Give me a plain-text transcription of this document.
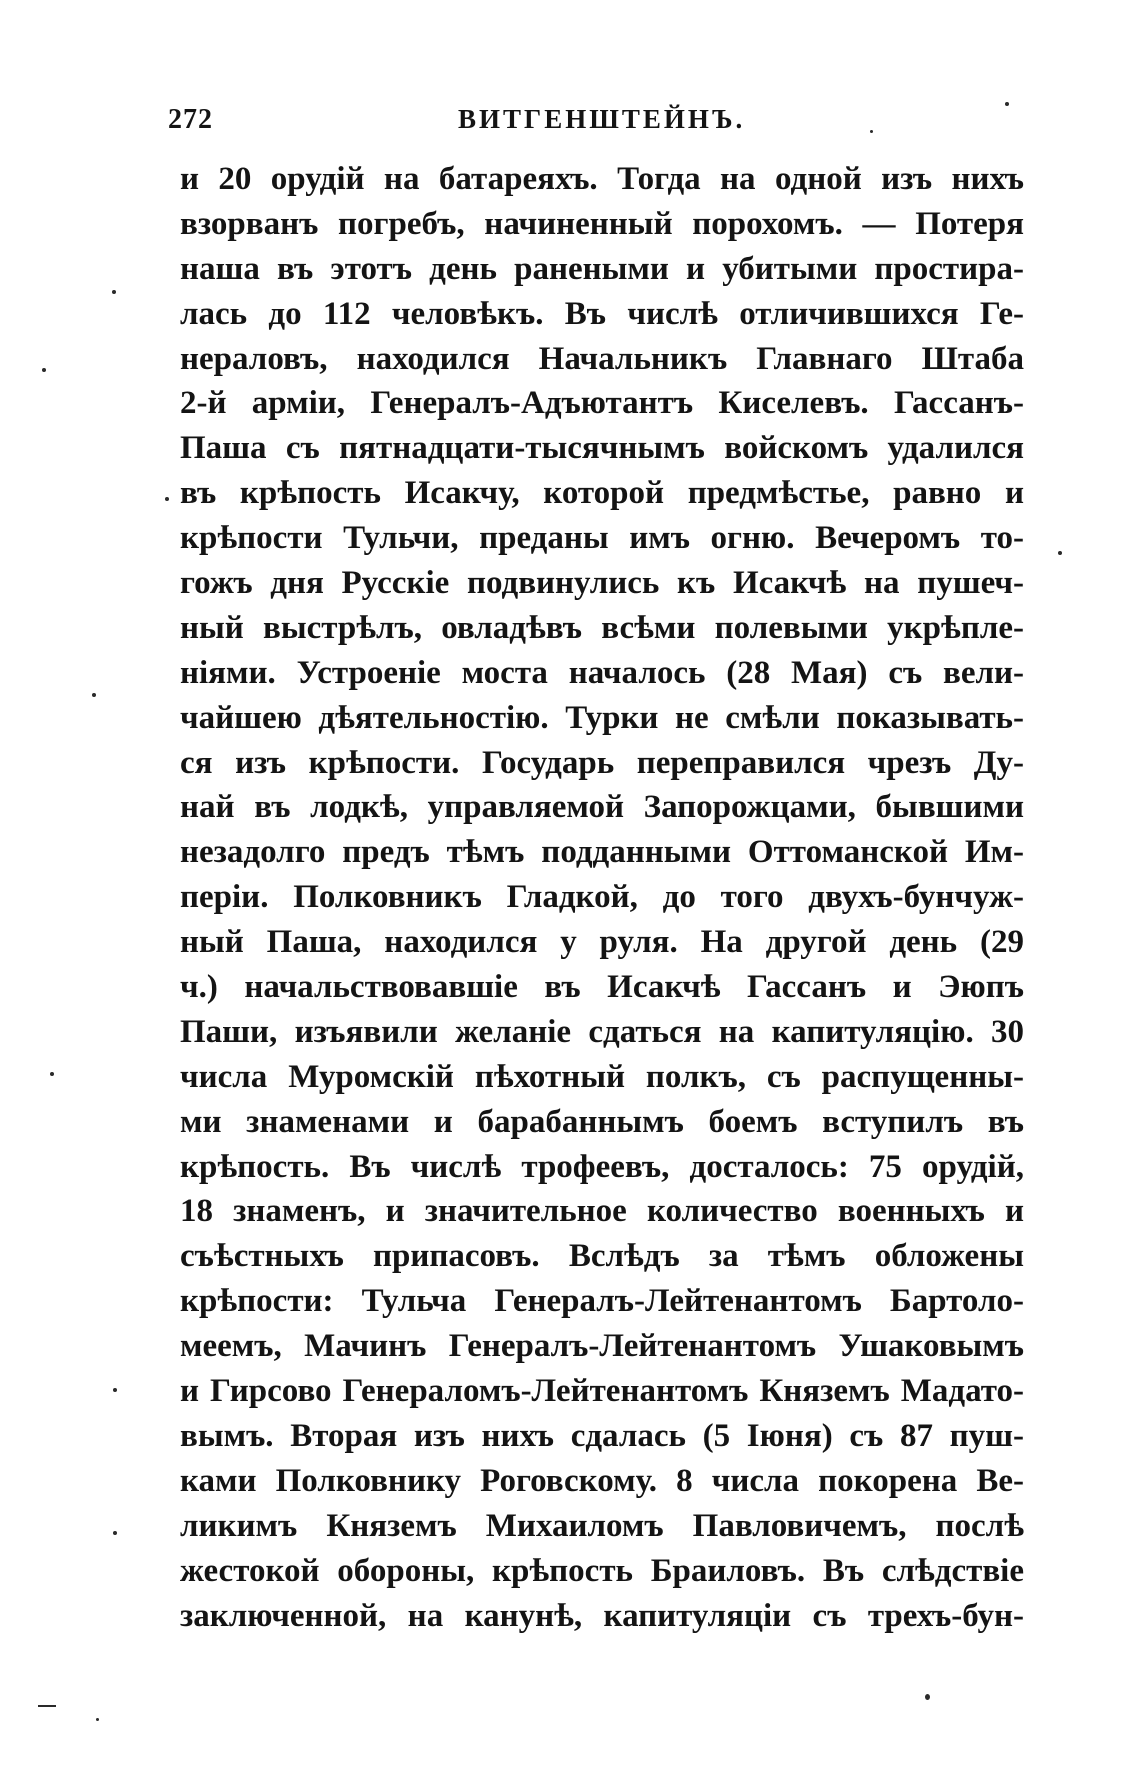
272	ВИТГЕНШТЕЙНЪ.
и 20 орудій на батареяхъ. Тогда на одной изъ нихъ
взорванъ погребъ, начиненный порохомъ. — Потеря
наша въ этотъ день ранеными и убитыми простира-
лась до 112 человѣкъ. Въ числѣ отличившихся Ге-
нераловъ, находился Начальникъ Главнаго Штаба
2-й арміи, Генералъ-Адъютантъ Киселевъ. Гассанъ-
Паша съ пятнадцати-тысячнымъ войскомъ удалился
въ крѣпость Исакчу, которой предмѣстье, равно и
крѣпости Тульчи, преданы имъ огню. Вечеромъ то-
гожъ дня Русскіе подвинулись къ Исакчѣ на пушеч-
ный выстрѣлъ, овладѣвъ всѣми полевыми укрѣпле-
ніями. Устроеніе моста началось (28 Мая) съ вели-
чайшею дѣятельностію. Турки не смѣли показывать-
ся изъ крѣпости. Государь переправился чрезъ Ду-
най въ лодкѣ, управляемой Запорожцами, бывшими
незадолго предъ тѣмъ подданными Оттоманской Им-
періи. Полковникъ Гладкой, до того двухъ-бунчуж-
ный Паша, находился у руля. На другой день (29
ч.) начальствовавшіе въ Исакчѣ Гассанъ и Эюпъ
Паши, изъявили желаніе сдаться на капитуляцію. 30
числа Муромскій пѣхотный полкъ, съ распущенны-
ми знаменами и барабаннымъ боемъ вступилъ въ
крѣпость. Въ числѣ трофеевъ, досталось: 75 орудій,
18 знаменъ, и значительное количество военныхъ и
съѣстныхъ припасовъ. Вслѣдъ за тѣмъ обложены
крѣпости: Тульча Генералъ-Лейтенантомъ Бартоло-
меемъ, Мачинъ Генералъ-Лейтенантомъ Ушаковымъ
и Гирсово Генераломъ-Лейтенантомъ Княземъ Мадато-
вымъ. Вторая изъ нихъ сдалась (5 Іюня) съ 87 пуш-
ками Полковнику Роговскому. 8 числа покорена Ве-
ликимъ Княземъ Михаиломъ Павловичемъ, послѣ
жестокой обороны, крѣпость Браиловъ. Въ слѣдствіе
заключенной, на канунѣ, капитуляціи съ трехъ-бун-
